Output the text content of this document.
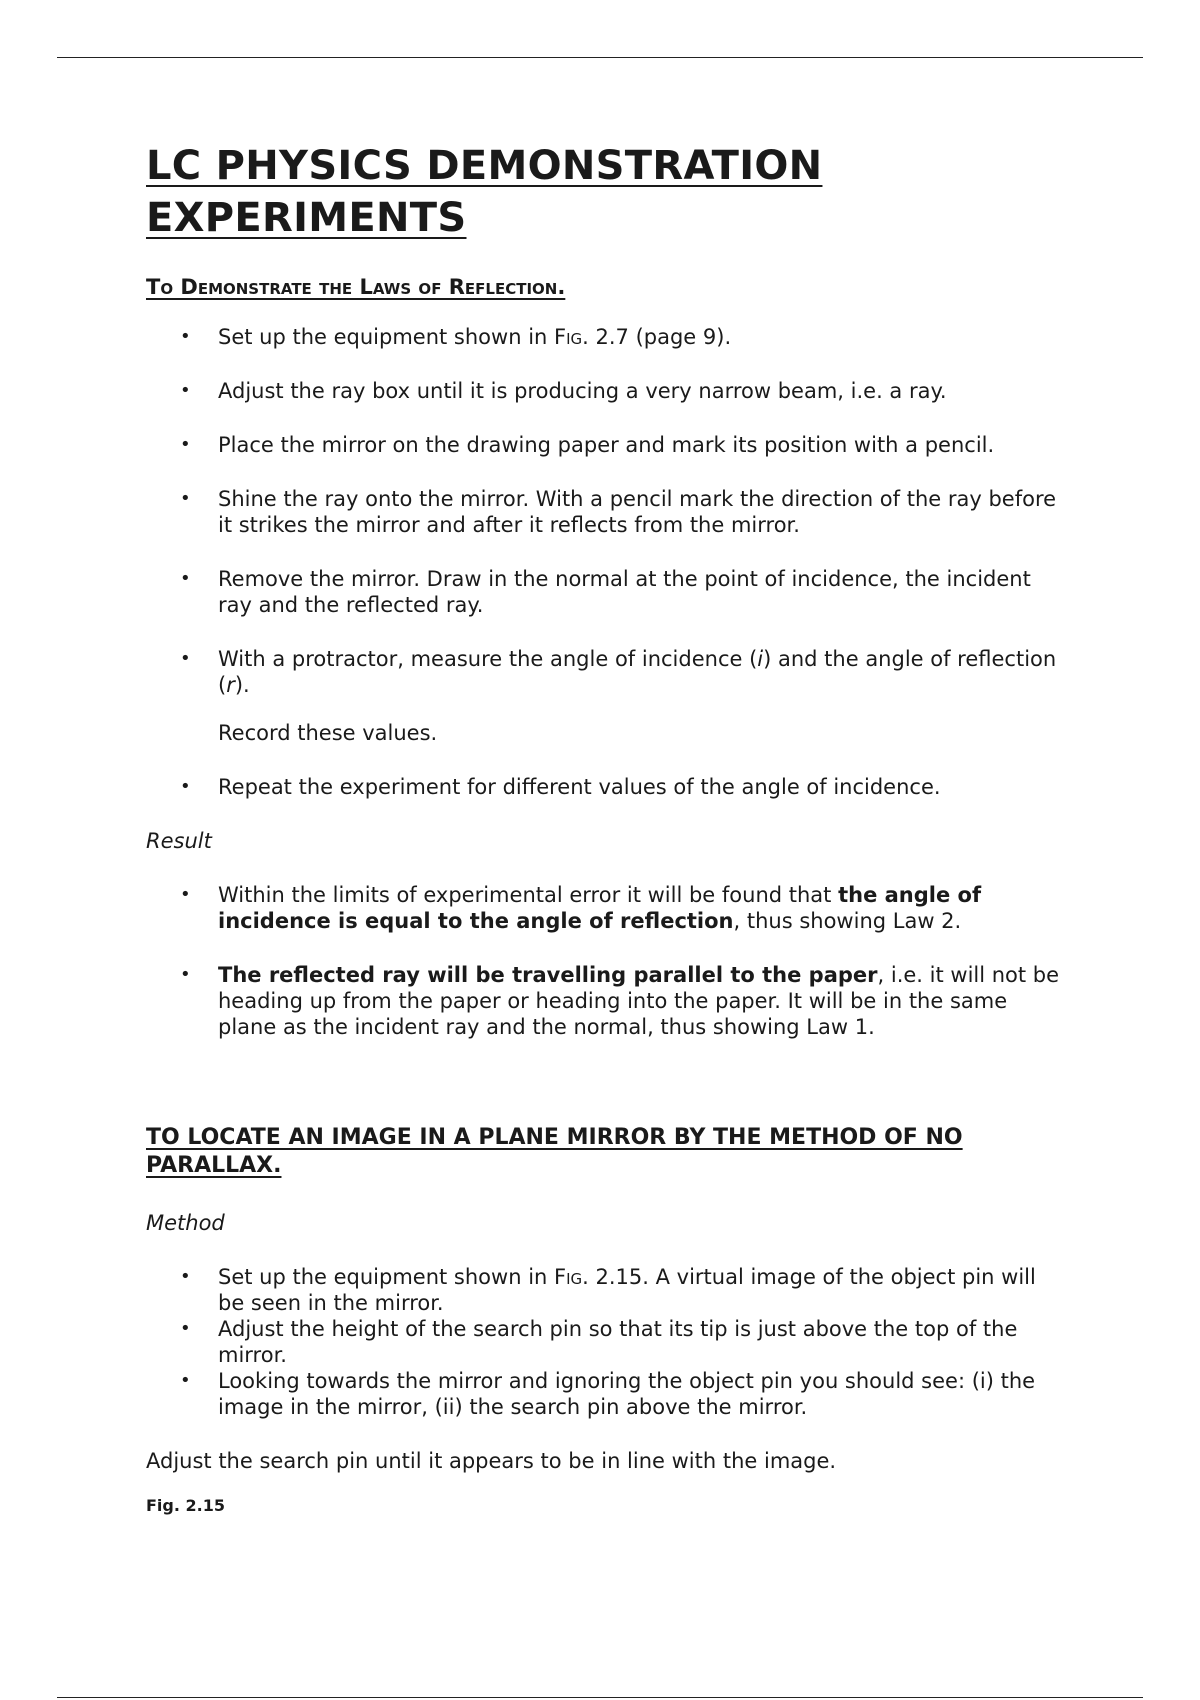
LC PHYSICS DEMONSTRATION EXPERIMENTS
To Demonstrate the Laws of Reflection.
• Set up the equipment shown in Fig. 2.7 (page 9).
• Adjust the ray box until it is producing a very narrow beam, i.e. a ray.
• Place the mirror on the drawing paper and mark its position with a pencil.
• Shine the ray onto the mirror. With a pencil mark the direction of the ray before it strikes the mirror and after it reflects from the mirror.
• Remove the mirror. Draw in the normal at the point of incidence, the incident ray and the reflected ray.
• With a protractor, measure the angle of incidence (i) and the angle of reflection (r).
Record these values.
• Repeat the experiment for different values of the angle of incidence.
Result
• Within the limits of experimental error it will be found that the angle of incidence is equal to the angle of reflection, thus showing Law 2.
• The reflected ray will be travelling parallel to the paper, i.e. it will not be heading up from the paper or heading into the paper. It will be in the same plane as the incident ray and the normal, thus showing Law 1.
TO LOCATE AN IMAGE IN A PLANE MIRROR BY THE METHOD OF NO PARALLAX.
Method
• Set up the equipment shown in Fig. 2.15. A virtual image of the object pin will be seen in the mirror.
• Adjust the height of the search pin so that its tip is just above the top of the mirror.
• Looking towards the mirror and ignoring the object pin you should see: (i) the image in the mirror, (ii) the search pin above the mirror.
Adjust the search pin until it appears to be in line with the image.
Fig. 2.15
